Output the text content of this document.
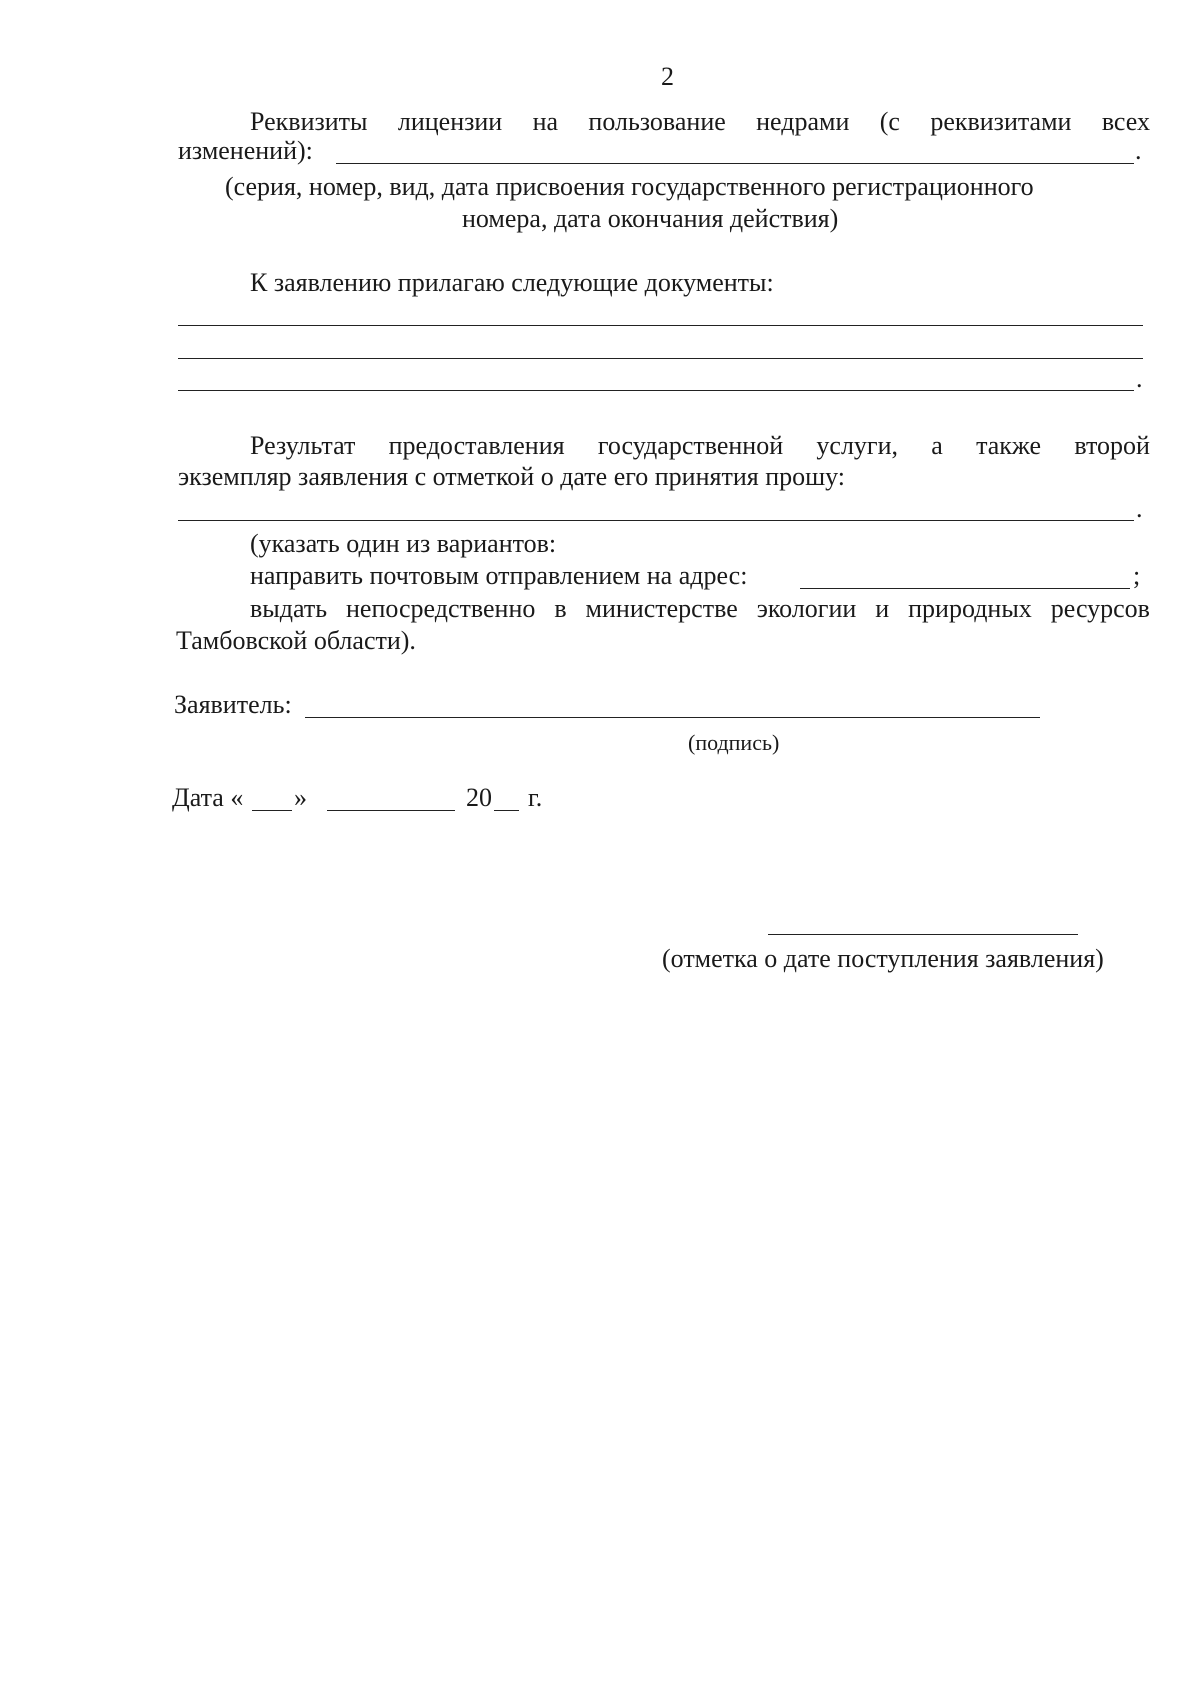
2
Реквизиты лицензии на пользование недрами (с реквизитами всех
изменений):	.
(серия, номер, вид, дата присвоения государственного регистрационного
номера, дата окончания действия)
К заявлению прилагаю следующие документы:
.
Результат предоставления государственной услуги, а также второй
экземпляр заявления с отметкой о дате его принятия прошу:
.
(указать один из вариантов:
направить почтовым отправлением на адрес:	;
выдать непосредственно в министерстве экологии и природных ресурсов
Тамбовской области).
Заявитель:
(подпись)
Дата « »	20 г.
(отметка о дате поступления заявления)
